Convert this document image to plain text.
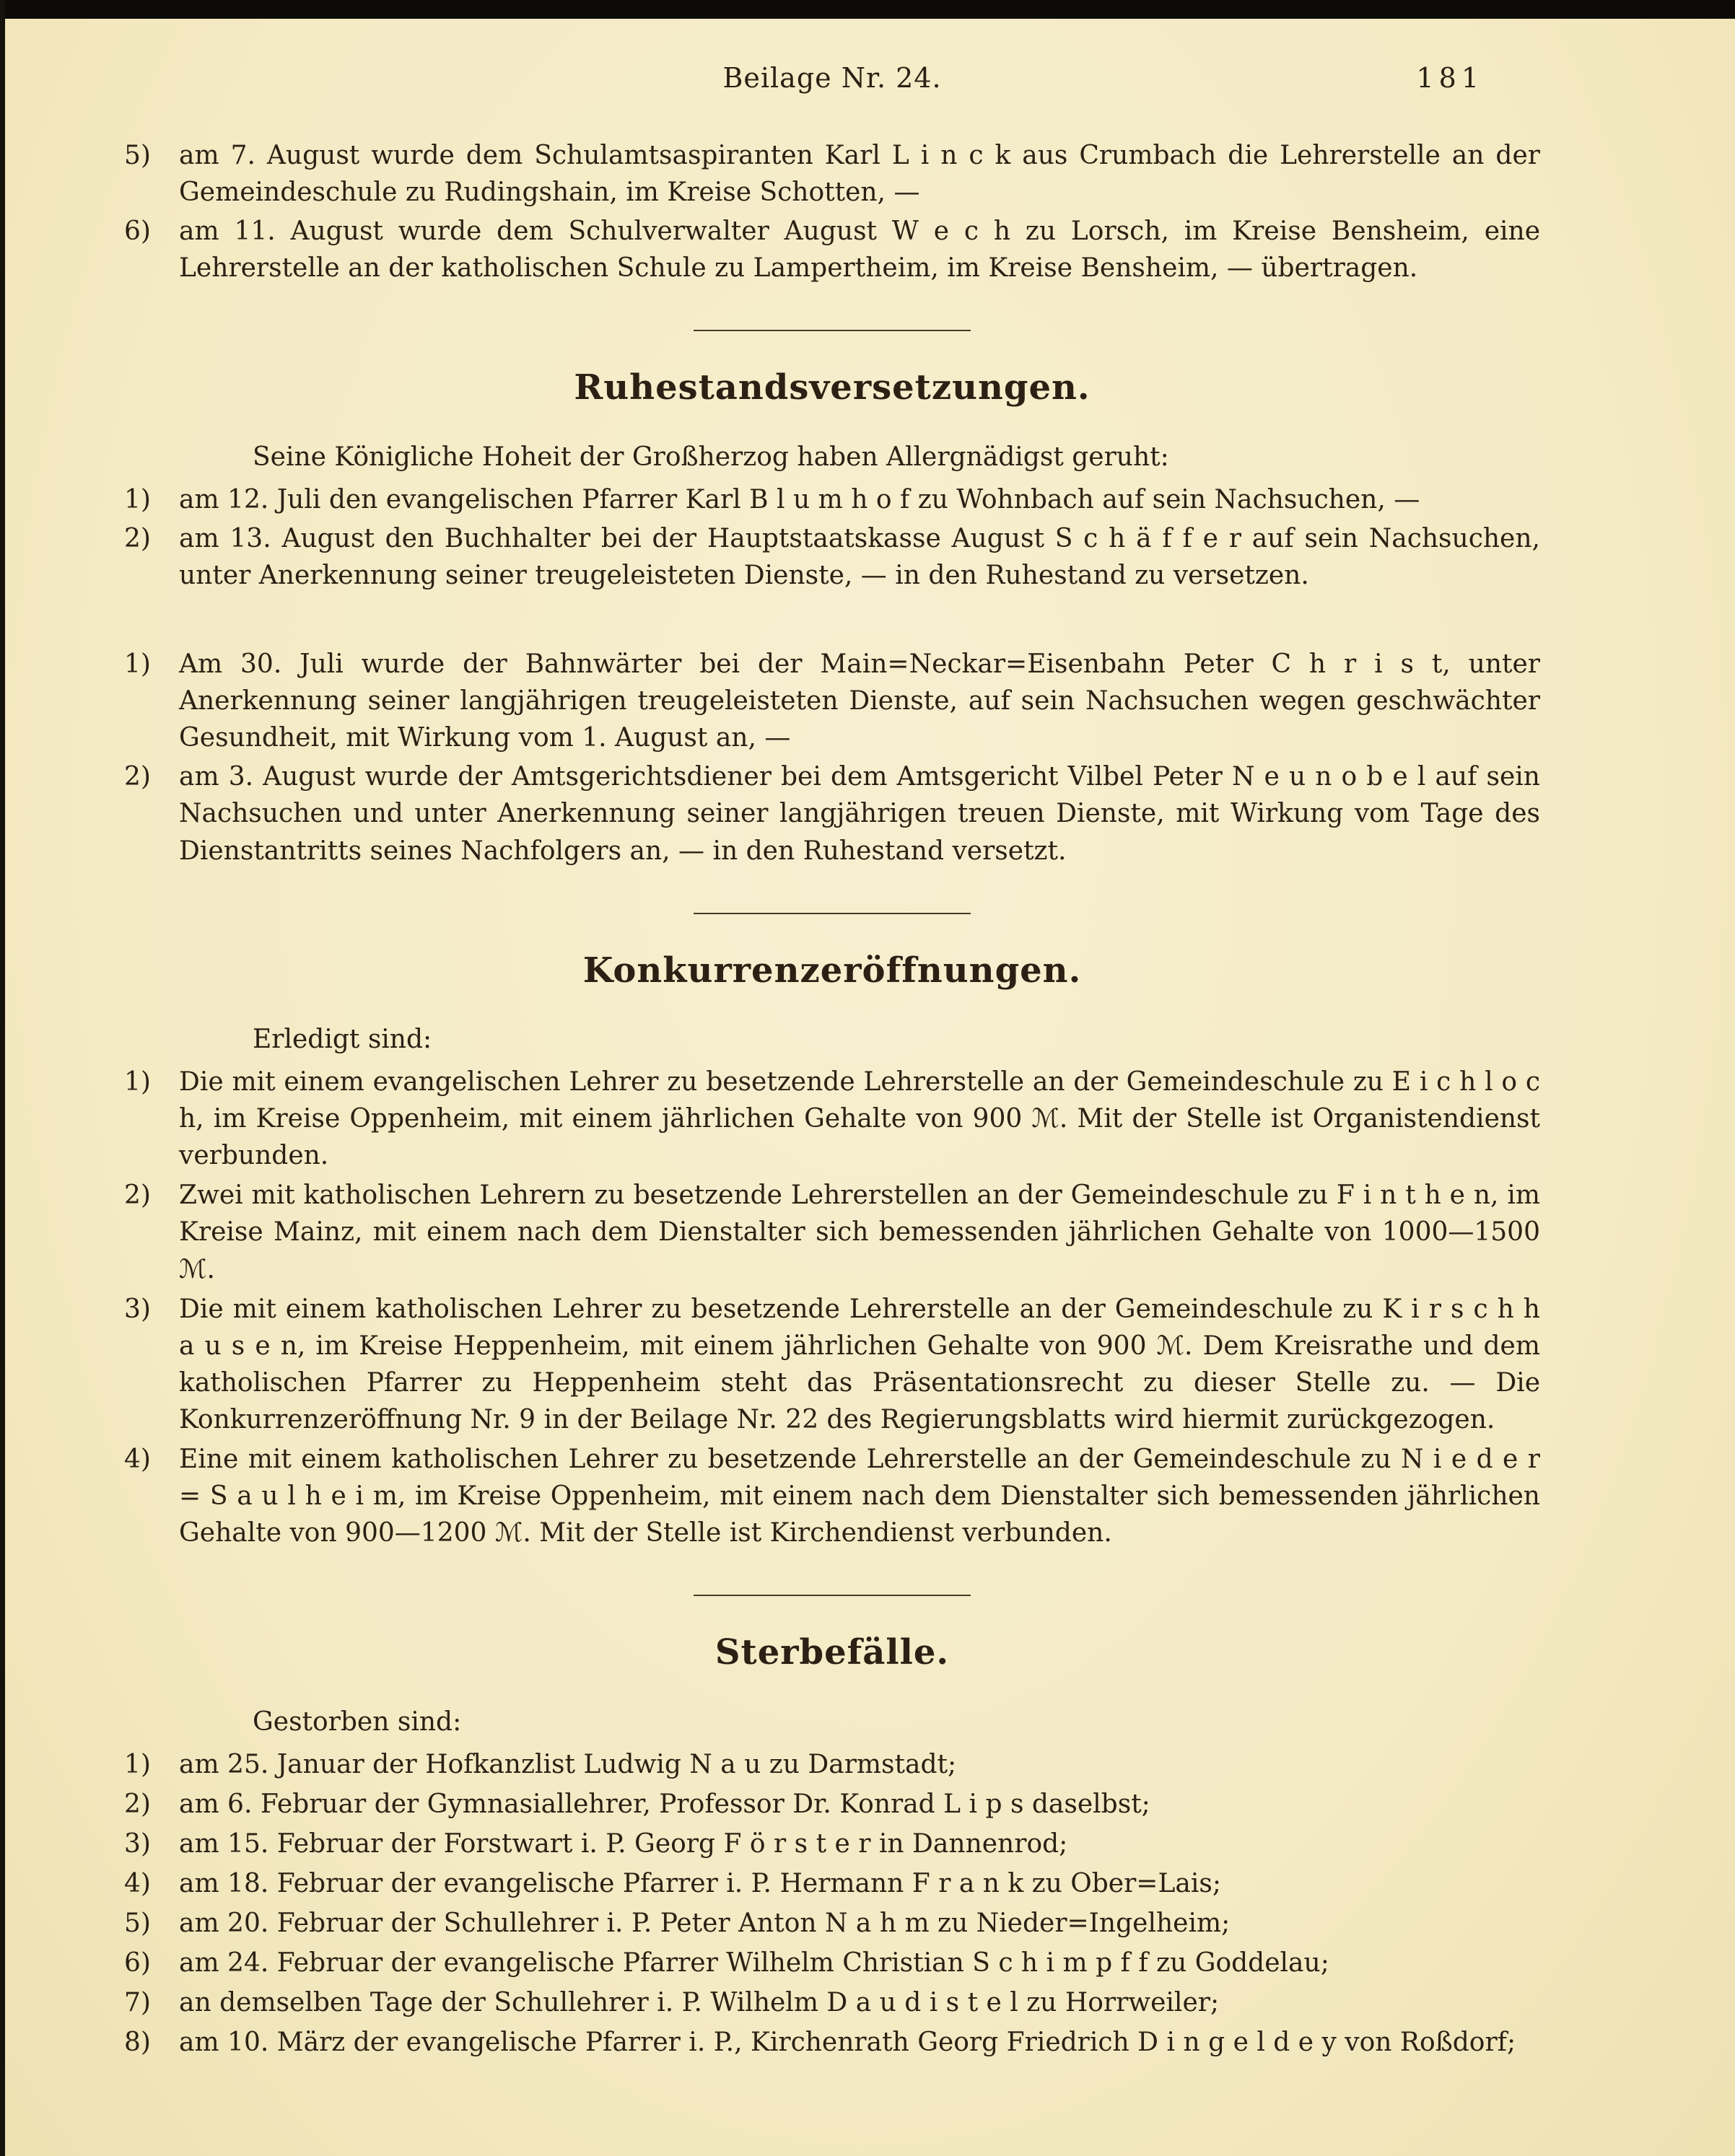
Beilage Nr. 24.	181
5)	am 7. August wurde dem Schulamtsaspiranten Karl L i n c k aus Crumbach die Lehrerstelle an der Gemeindeschule zu Rudingshain, im Kreise Schotten, —
6)	am 11. August wurde dem Schulverwalter August W e c h zu Lorsch, im Kreise Bensheim, eine Lehrerstelle an der katholischen Schule zu Lampertheim, im Kreise Bensheim, — übertragen.
Ruhestandsversetzungen.
Seine Königliche Hoheit der Großherzog haben Allergnädigst geruht:
1)	am 12. Juli den evangelischen Pfarrer Karl B l u m h o f zu Wohnbach auf sein Nachsuchen, —
2)	am 13. August den Buchhalter bei der Hauptstaatskasse August S c h ä f f e r auf sein Nachsuchen, unter Anerkennung seiner treugeleisteten Dienste, — in den Ruhestand zu versetzen.
1)	Am 30. Juli wurde der Bahnwärter bei der Main=Neckar=Eisenbahn Peter C h r i s t, unter Anerkennung seiner langjährigen treugeleisteten Dienste, auf sein Nachsuchen wegen geschwächter Gesundheit, mit Wirkung vom 1. August an, —
2)	am 3. August wurde der Amtsgerichtsdiener bei dem Amtsgericht Vilbel Peter N e u n o b e l auf sein Nachsuchen und unter Anerkennung seiner langjährigen treuen Dienste, mit Wirkung vom Tage des Dienstantritts seines Nachfolgers an, — in den Ruhestand versetzt.
Konkurrenzeröffnungen.
Erledigt sind:
1)	Die mit einem evangelischen Lehrer zu besetzende Lehrerstelle an der Gemeindeschule zu E i c h l o c h, im Kreise Oppenheim, mit einem jährlichen Gehalte von 900 ℳ. Mit der Stelle ist Organistendienst verbunden.
2)	Zwei mit katholischen Lehrern zu besetzende Lehrerstellen an der Gemeindeschule zu F i n t h e n, im Kreise Mainz, mit einem nach dem Dienstalter sich bemessenden jährlichen Gehalte von 1000—1500 ℳ.
3)	Die mit einem katholischen Lehrer zu besetzende Lehrerstelle an der Gemeindeschule zu K i r s c h h a u s e n, im Kreise Heppenheim, mit einem jährlichen Gehalte von 900 ℳ. Dem Kreisrathe und dem katholischen Pfarrer zu Heppenheim steht das Präsentationsrecht zu dieser Stelle zu. — Die Konkurrenzeröffnung Nr. 9 in der Beilage Nr. 22 des Regierungsblatts wird hiermit zurückgezogen.
4)	Eine mit einem katholischen Lehrer zu besetzende Lehrerstelle an der Gemeindeschule zu N i e d e r = S a u l h e i m, im Kreise Oppenheim, mit einem nach dem Dienstalter sich bemessenden jährlichen Gehalte von 900—1200 ℳ. Mit der Stelle ist Kirchendienst verbunden.
Sterbefälle.
Gestorben sind:
1)	am 25. Januar der Hofkanzlist Ludwig N a u zu Darmstadt;
2)	am 6. Februar der Gymnasiallehrer, Professor Dr. Konrad L i p s daselbst;
3)	am 15. Februar der Forstwart i. P. Georg F ö r s t e r in Dannenrod;
4)	am 18. Februar der evangelische Pfarrer i. P. Hermann F r a n k zu Ober=Lais;
5)	am 20. Februar der Schullehrer i. P. Peter Anton N a h m zu Nieder=Ingelheim;
6)	am 24. Februar der evangelische Pfarrer Wilhelm Christian S c h i m p f f zu Goddelau;
7)	an demselben Tage der Schullehrer i. P. Wilhelm D a u d i s t e l zu Horrweiler;
8)	am 10. März der evangelische Pfarrer i. P., Kirchenrath Georg Friedrich D i n g e l d e y von Roßdorf;
